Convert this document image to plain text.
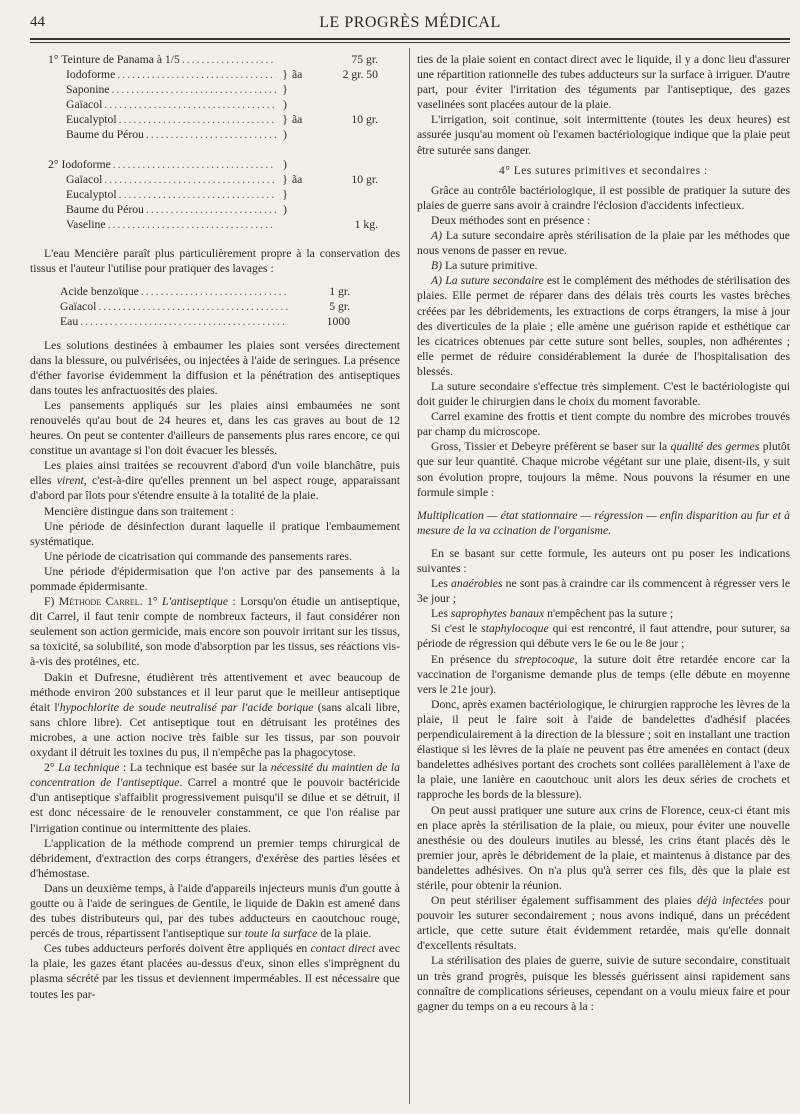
44	LE PROGRÈS MÉDICAL
1° Teinture de Panama à 1/5 .....	75 gr.
Iodoforme .....	} ãa	2 gr. 50
Saponine .....	}
Gaïacol .....	)
Eucalyptol .....	} ãa	10 gr.
Baume du Pérou .....	)
2° Iodoforme .....	)
Gaïacol .....	} ãa	10 gr.
Eucalyptol .....	}
Baume du Pérou .....	)
Vaseline .....	1 kg.

L'eau Mencière paraît plus particulièrement propre à la conservation des tissus et l'auteur l'utilise pour pratiquer des lavages :

Acide benzoïque .....	1 gr.
Gaïacol .....	5 gr.
Eau .....	1000

Les solutions destinées à embaumer les plaies sont versées directement dans la blessure, ou pulvérisées, ou injectées à l'aide de seringues. La présence d'éther favorise évidemment la diffusion et la pénétration des antiseptiques dans toutes les anfractuosités des plaies.

Les pansements appliqués sur les plaies ainsi embaumées ne sont renouvelés qu'au bout de 24 heures et, dans les cas graves au bout de 12 heures. On peut se contenter d'ailleurs de pansements plus rares encore, ce qui constitue un avantage si l'on doit évacuer les blessés.

Les plaies ainsi traitées se recouvrent d'abord d'un voile blanchâtre, puis elles virent, c'est-à-dire qu'elles prennent un bel aspect rouge, apparaissant d'abord par îlots pour s'étendre ensuite à la totalité de la plaie.

Mencière distingue dans son traitement :

Une période de désinfection durant laquelle il pratique l'embaumement systématique.

Une période de cicatrisation qui commande des pansements rares.

Une période d'épidermisation que l'on active par des pansements à la pommade épidermisante.

F) Méthode Carrel. 1° L'antiseptique : Lorsqu'on étudie un antiseptique, dit Carrel, il faut tenir compte de nombreux facteurs, il faut considérer non seulement son action germicide, mais encore son pouvoir irritant sur les tissus, sa toxicité, sa solubilité, son mode d'absorption par les tissus, ses réactions vis-à-vis des protéines, etc.

Dakin et Dufresne, étudièrent très attentivement et avec beaucoup de méthode environ 200 substances et il leur parut que le meilleur antiseptique était l'hypochlorite de soude neutralisé par l'acide borique (sans alcali libre, sans chlore libre). Cet antiseptique tout en détruisant les protéines des microbes, a une action nocive très faible sur les tissus, par son pouvoir oxydant il détruit les toxines du pus, il n'empêche pas la phagocytose.

2° La technique : La technique est basée sur la nécessité du maintien de la concentration de l'antiseptique. Carrel a montré que le pouvoir bactéricide d'un antiseptique s'affaiblit progressivement puisqu'il se dilue et se détruit, il est donc nécessaire de le renouveler constamment, ce que l'on réalise par l'irrigation continue ou intermittente des plaies.

L'application de la méthode comprend un premier temps chirurgical de débridement, d'extraction des corps étrangers, d'exérèse des parties lésées et d'hémostase.

Dans un deuxième temps, à l'aide d'appareils injecteurs munis d'un goutte à goutte ou à l'aide de seringues de Gentile, le liquide de Dakin est amené dans des tubes distributeurs qui, par des tubes adducteurs en caoutchouc rouge, percés de trous, répartissent l'antiseptique sur toute la surface de la plaie.

Ces tubes adducteurs perforés doivent être appliqués en contact direct avec la plaie, les gazes étant placées au-dessus d'eux, sinon elles s'imprègnent du plasma sécrété par les tissus et deviennent imperméables. Il est nécessaire que toutes les par-

ties de la plaie soient en contact direct avec le liquide, il y a donc lieu d'assurer une répartition rationnelle des tubes adducteurs sur la surface à irriguer. D'autre part, pour éviter l'irritation des téguments par l'antiseptique, des gazes vaselinées sont placées autour de la plaie.

L'irrigation, soit continue, soit intermittente (toutes les deux heures) est assurée jusqu'au moment où l'examen bactériologique indique que la plaie peut être suturée sans danger.

4° Les sutures primitives et secondaires :

Grâce au contrôle bactériologique, il est possible de pratiquer la suture des plaies de guerre sans avoir à craindre l'éclosion d'accidents infectieux.

Deux méthodes sont en présence :

A) La suture secondaire après stérilisation de la plaie par les méthodes que nous venons de passer en revue.

B) La suture primitive.

A) La suture secondaire est le complément des méthodes de stérilisation des plaies. Elle permet de réparer dans des délais très courts les vastes brèches créées par les débridements, les extractions de corps étrangers, la mise à jour des diverticules de la plaie ; elle amène une guérison rapide et esthétique car les cicatrices obtenues par cette suture sont belles, souples, non adhérentes ; elle permet de réduire considérablement la durée de l'hospitalisation des blessés.

La suture secondaire s'effectue très simplement. C'est le bactériologiste qui doit guider le chirurgien dans le choix du moment favorable.

Carrel examine des frottis et tient compte du nombre des microbes trouvés par champ du microscope.

Gross, Tissier et Debeyre préfèrent se baser sur la qualité des germes plutôt que sur leur quantité. Chaque microbe végétant sur une plaie, disent-ils, y suit son évolution propre, toujours la même. Nous pouvons la résumer en une formule simple :

Multiplication — état stationnaire — régression — enfin disparition au fur et à mesure de la va ccination de l'organisme.

En se basant sur cette formule, les auteurs ont pu poser les indications suivantes :

Les anaérobies ne sont pas à craindre car ils commencent à régresser vers le 3e jour ;

Les saprophytes banaux n'empêchent pas la suture ;

Si c'est le staphylocoque qui est rencontré, il faut attendre, pour suturer, sa période de régression qui débute vers le 6e ou le 8e jour ;

En présence du streptocoque, la suture doit être retardée encore car la vaccination de l'organisme demande plus de temps (elle débute en moyenne vers le 21e jour).

Donc, après examen bactériologique, le chirurgien rapproche les lèvres de la plaie, il peut le faire soit à l'aide de bandelettes d'adhésif placées perpendiculairement à la direction de la blessure ; soit en installant une traction élastique si les lèvres de la plaie ne peuvent pas être amenées en contact (deux bandelettes adhésives portant des crochets sont collées parallèlement à l'axe de la plaie, une lanière en caoutchouc unit alors les deux séries de crochets et rapproche les bords de la blessure).

On peut aussi pratiquer une suture aux crins de Florence, ceux-ci étant mis en place après la stérilisation de la plaie, ou mieux, pour éviter une nouvelle anesthésie ou des douleurs inutiles au blessé, les crins étant placés dès le premier jour, après le débridement de la plaie, et maintenus à distance par des bandelettes adhésives. On n'a plus qu'à serrer ces fils, dès que la plaie est stérile, pour obtenir la réunion.

On peut stériliser également suffisamment des plaies déjà infectées pour pouvoir les suturer secondairement ; nous avons indiqué, dans un précédent article, que cette suture était évidemment retardée, mais qu'elle donnait d'excellents résultats.

La stérilisation des plaies de guerre, suivie de suture secondaire, constituait un très grand progrès, puisque les blessés guérissent ainsi rapidement sans connaître de complications sérieuses, cependant on a voulu mieux faire et pour gagner du temps on a eu recours à la :
